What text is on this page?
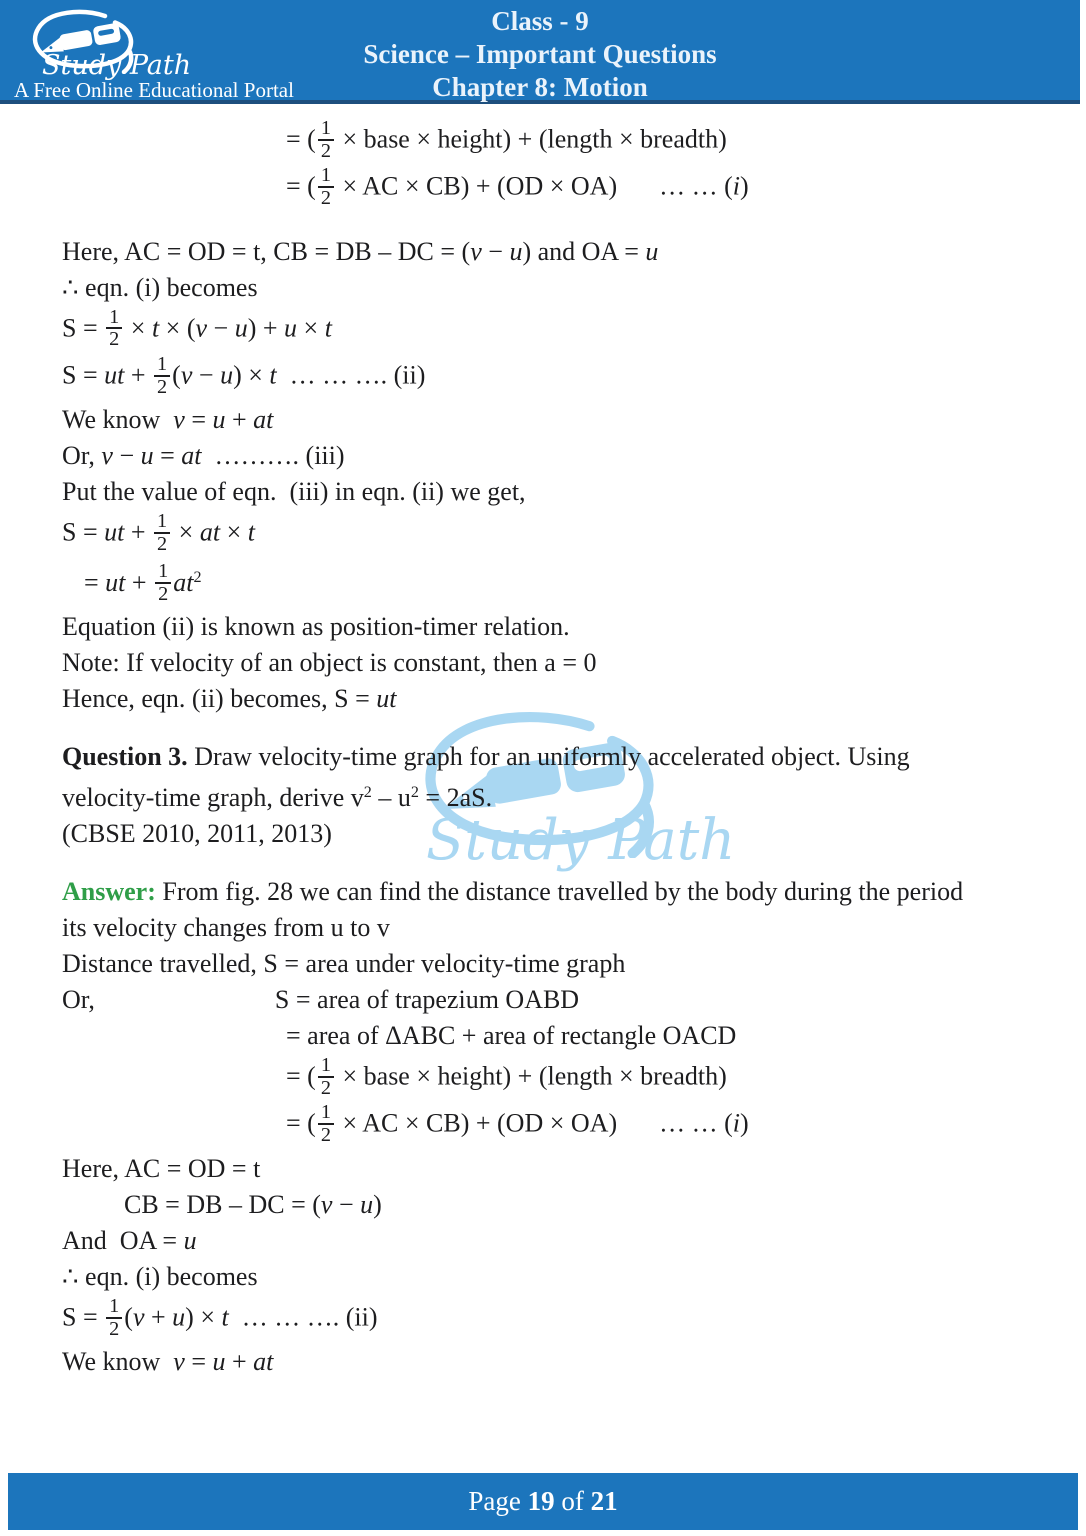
Study Path
A Free Online Educational Portal
Class - 9
Science – Important Questions
Chapter 8: Motion
Study Path
= ( $\frac{1}{2}$ × base × height) + (length × breadth)
= ( $\frac{1}{2}$ × AC × CB) + (OD × OA) … … (i)
Here, AC = OD = t, CB = DB – DC = (v − u) and OA = u
∴ eqn. (i) becomes
$S = \frac{1}{2} \times t \times (v - u) + u \times t$
S = ut + $\frac{1}{2} (v - u) \times t$  … … …. (ii)
We know  v = u + at
Or, v − u = at  ………. (iii)
Put the value of eqn.  (iii) in eqn. (ii) we get,
S = ut + $\frac{1}{2}$ × at × t
= ut + $\frac{1}{2} at^2$
Equation (ii) is known as position-timer relation.
Note: If velocity of an object is constant, then a = 0
Hence, eqn. (ii) becomes, S = ut
Question 3. Draw velocity-time graph for an uniformly accelerated object. Using
velocity-time graph, derive $v^2 - u^2 = 2aS$.
(CBSE 2010, 2011, 2013)
Answer: From fig. 28 we can find the distance travelled by the body during the period
its velocity changes from u to v
Distance travelled, S = area under velocity-time graph
Or,	S = area of trapezium OABD
= area of ΔABC + area of rectangle OACD
= ( $\frac{1}{2}$ × base × height) + (length × breadth)
= ( $\frac{1}{2}$ × AC × CB) + (OD × OA) … … (i)
Here, AC = OD = t
CB = DB – DC = (v − u)
And  OA = u
∴ eqn. (i) becomes
$S = \frac{1}{2} (v + u) \times t$  … … …. (ii)
We know  v = u + at
Page 19 of 21
